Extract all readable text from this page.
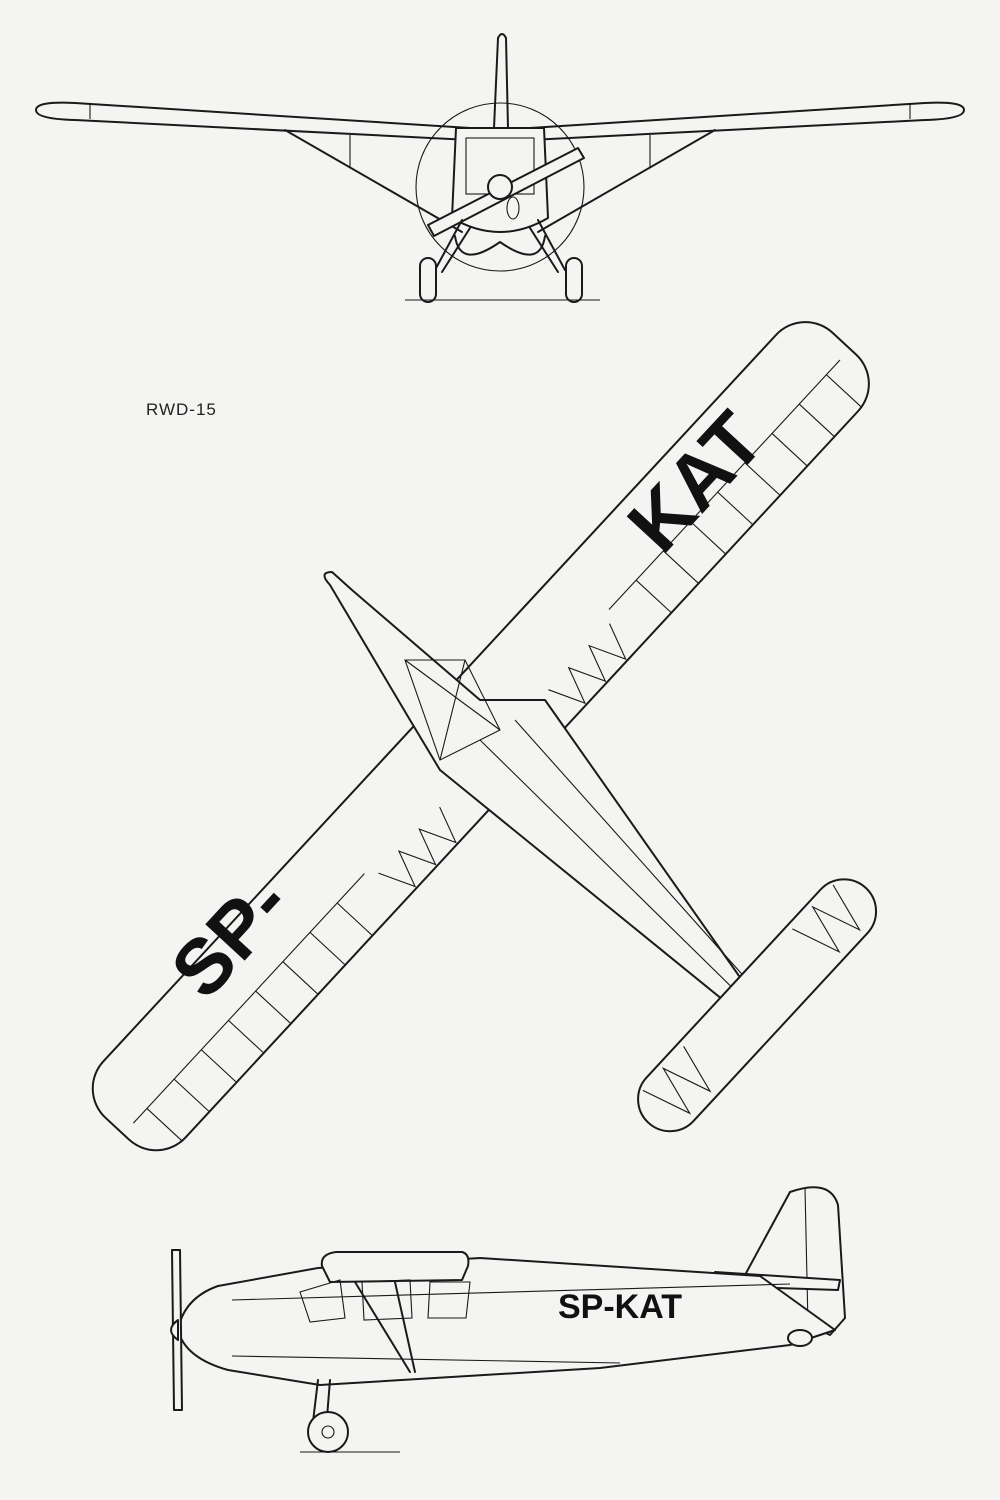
RWD-15
SP-
KAT
SP-KAT
